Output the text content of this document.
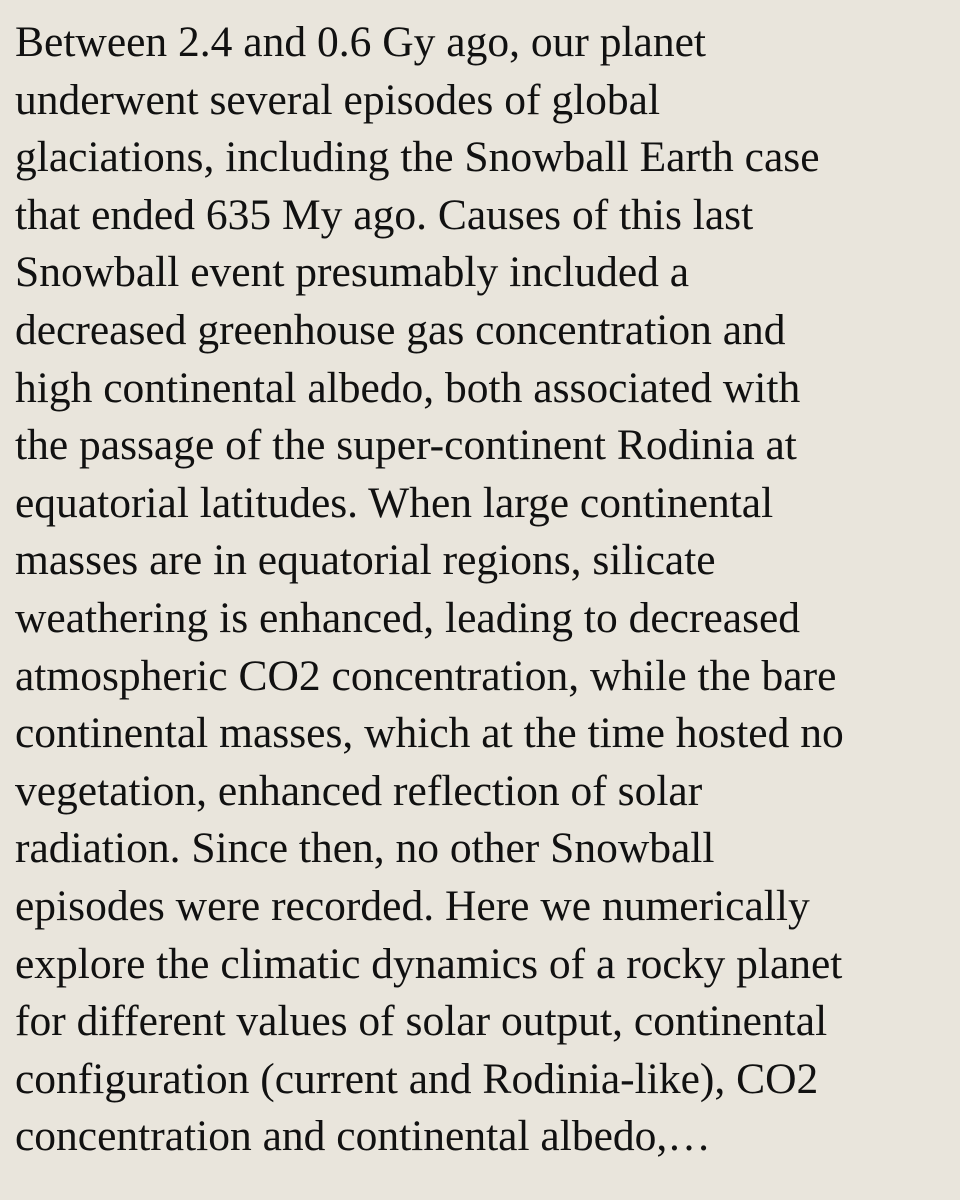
Between 2.4 and 0.6 Gy ago, our planet
underwent several episodes of global
glaciations, including the Snowball Earth case
that ended 635 My ago. Causes of this last
Snowball event presumably included a
decreased greenhouse gas concentration and
high continental albedo, both associated with
the passage of the super-continent Rodinia at
equatorial latitudes. When large continental
masses are in equatorial regions, silicate
weathering is enhanced, leading to decreased
atmospheric CO2 concentration, while the bare
continental masses, which at the time hosted no
vegetation, enhanced reflection of solar
radiation. Since then, no other Snowball
episodes were recorded. Here we numerically
explore the climatic dynamics of a rocky planet
for different values of solar output, continental
configuration (current and Rodinia-like), CO2
concentration and continental albedo,…
